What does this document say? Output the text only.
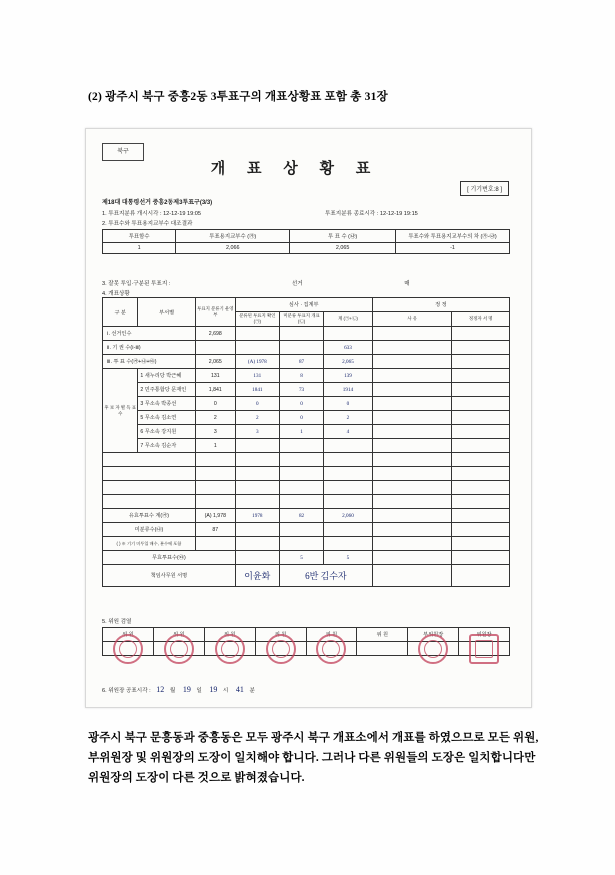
(2) 광주시 북구 중흥2동 3투표구의 개표상황표 포함 총 31장
북구
개 표 상 황 표
[ 기기번호:8 ]
제18대 대통령선거 중흥2동제3투표구(3/3)
1. 투표지분류 개시시각 : 12-12-19 19:05	투표지분류 종료시각 : 12-12-19 19:15
2. 투표수와 투표용지교부수 대조결과
투표함수	투표용지교부수 (㉮)	투 표 수 (㉯)	투표수와 투표용지교부수의 차 (㉮-㉯)
1	2,066	2,065	-1
3. 잘못 투입·구분된 투표지 :	선거	매
4. 개표상황
구 분	부서별	투표지 분류기 운영부	심사 · 집계부			정 정	
			분류된 투표지 확인(㉠)	미분류 투표지 개표(㉡)	계 (㉠+㉡)	사 유	정정자 서 명
Ⅰ. 선거인수		2,698					
Ⅱ. 기 권 수(Ⅰ-Ⅲ)					633		
Ⅲ. 투 표 수(㉮+㉯+㉰)		2,065	(A) 1978	87	2,065		
후 보 자 별 득 표 수	1 새누리당 박근혜	131	131	8	139		
	2 민주통합당 문재인	1,841	1841	73	1914		
	3 무소속 박종선	0	0	0	0		
	5 무소속 김소연	2	2	0	2		
	6 무소속 강지원	3	3	1	4		
	7 무소속 김순자	1					

유효투표수 계(㉮)		(A) 1,978	1978	82	2,060		
미분류수(㉯)		87					
( ) ※ 기기 미투입 매수, 분수에 포함							
무효투표수(㉰)				5	5		
책임사무원 서명			이윤화	6반 김수자			
5. 위원 검열
위 원	위 원	위 원	위 원	위 원	위 원	부위원장	위원장

6. 위원장 공표시각 : 12 월 19 일 19 시 41 분
광주시 북구 문흥동과 중흥동은 모두 광주시 북구 개표소에서 개표를 하였으므로 모든 위원, 부위원장 및 위원장의 도장이 일치해야 합니다. 그러나 다른 위원들의 도장은 일치합니다만 위원장의 도장이 다른 것으로 밝혀졌습니다.
